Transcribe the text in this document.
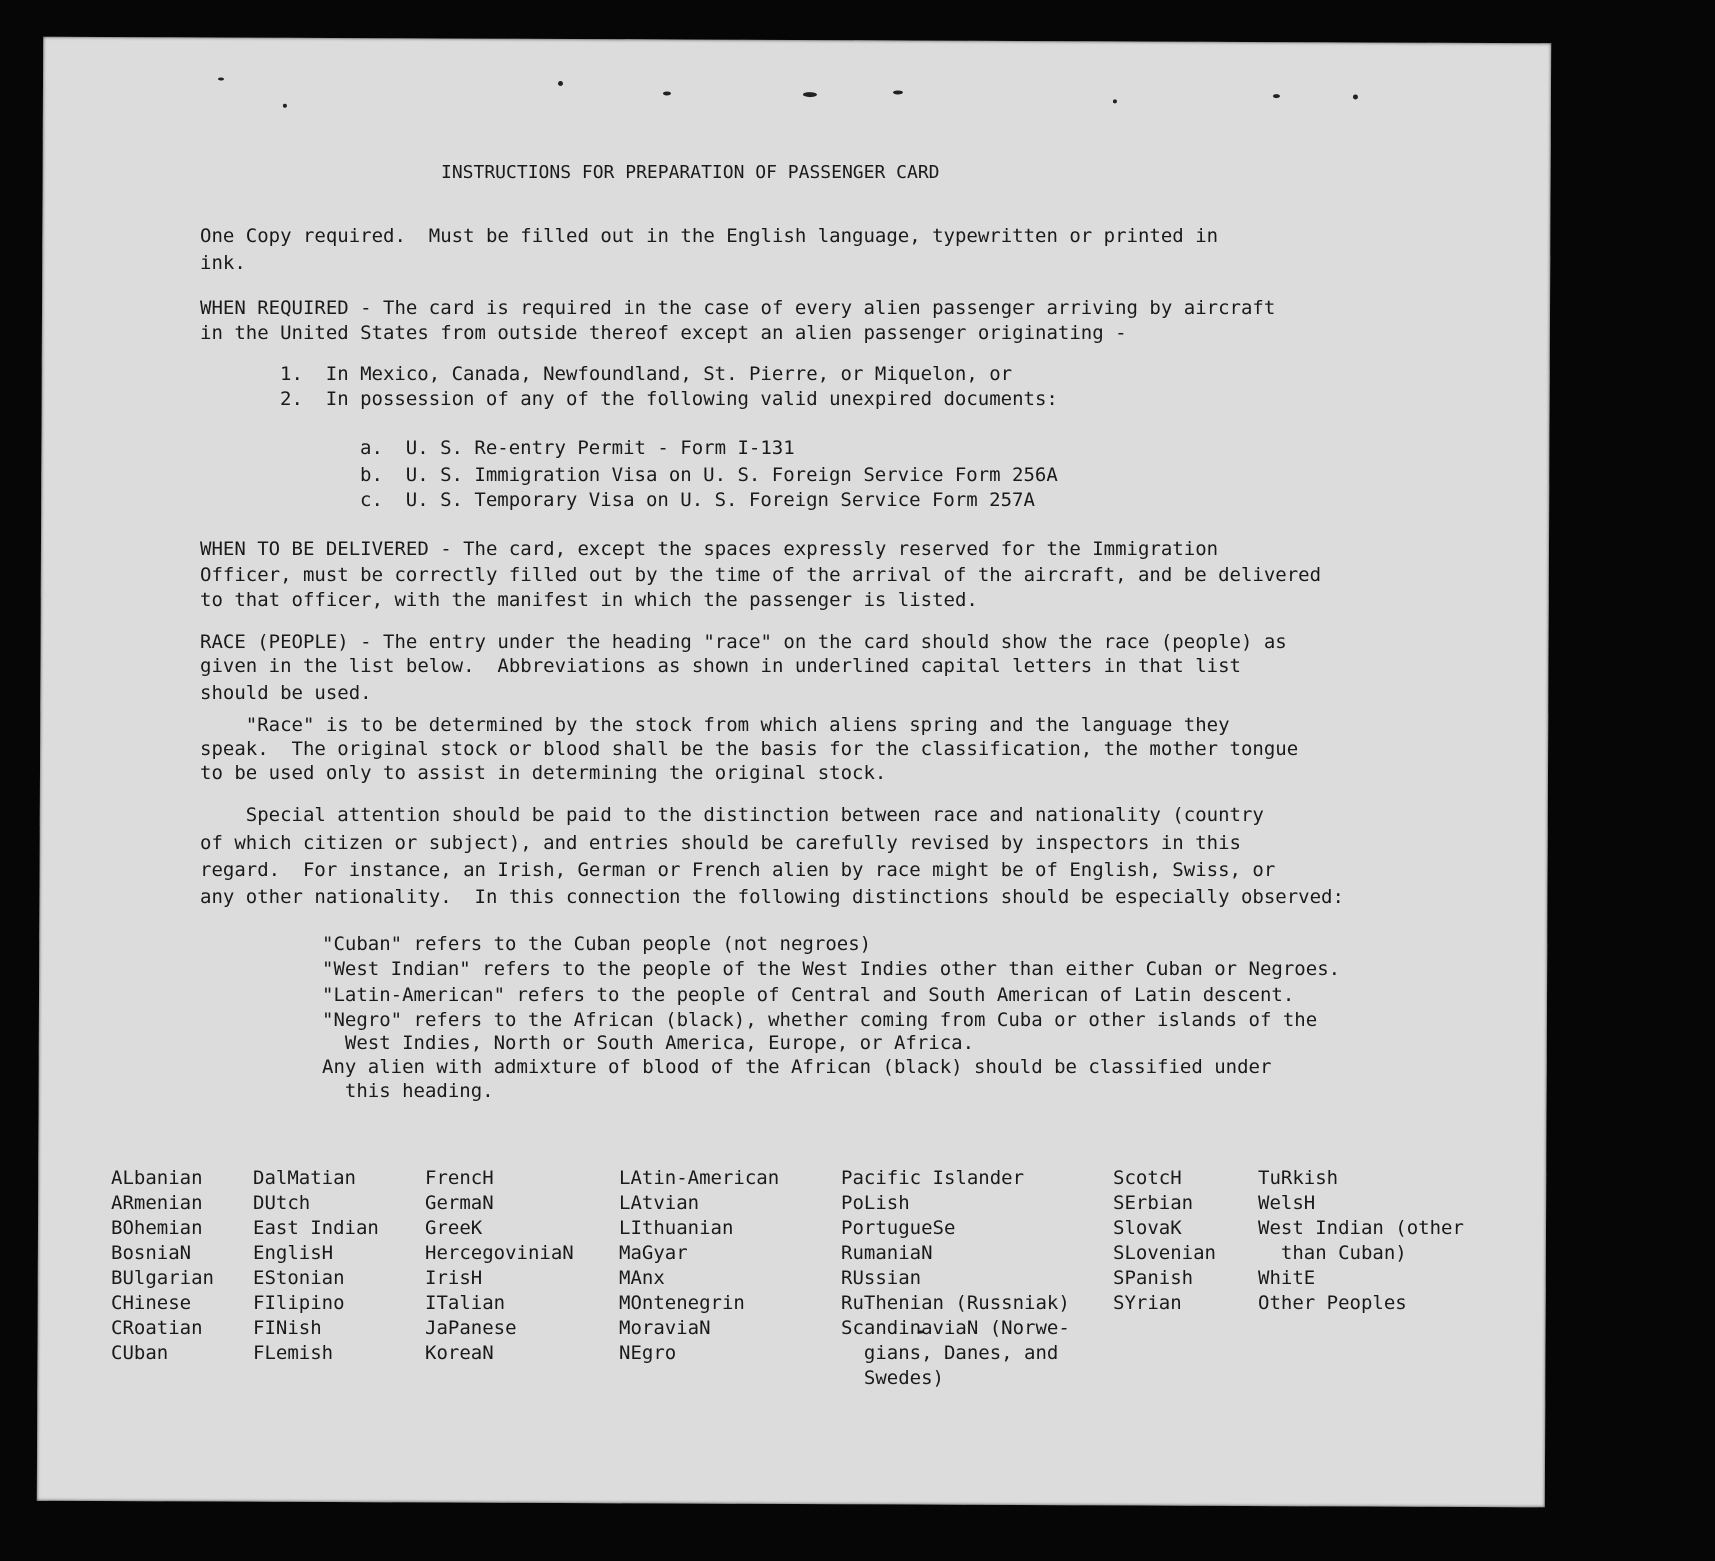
INSTRUCTIONS FOR PREPARATION OF PASSENGER CARD

One Copy required.  Must be filled out in the English language, typewritten or printed in

ink.

WHEN REQUIRED - The card is required in the case of every alien passenger arriving by aircraft

in the United States from outside thereof except an alien passenger originating -

1.  In Mexico, Canada, Newfoundland, St. Pierre, or Miquelon, or

2.  In possession of any of the following valid unexpired documents:

a.  U. S. Re-entry Permit - Form I-131

b.  U. S. Immigration Visa on U. S. Foreign Service Form 256A

c.  U. S. Temporary Visa on U. S. Foreign Service Form 257A

WHEN TO BE DELIVERED - The card, except the spaces expressly reserved for the Immigration

Officer, must be correctly filled out by the time of the arrival of the aircraft, and be delivered

to that officer, with the manifest in which the passenger is listed.

RACE (PEOPLE) - The entry under the heading "race" on the card should show the race (people) as

given in the list below.  Abbreviations as shown in underlined capital letters in that list

should be used.

"Race" is to be determined by the stock from which aliens spring and the language they

speak.  The original stock or blood shall be the basis for the classification, the mother tongue

to be used only to assist in determining the original stock.

Special attention should be paid to the distinction between race and nationality (country

of which citizen or subject), and entries should be carefully revised by inspectors in this

regard.  For instance, an Irish, German or French alien by race might be of English, Swiss, or

any other nationality.  In this connection the following distinctions should be especially observed:

"Cuban" refers to the Cuban people (not negroes)

"West Indian" refers to the people of the West Indies other than either Cuban or Negroes.

"Latin-American" refers to the people of Central and South American of Latin descent.

"Negro" refers to the African (black), whether coming from Cuba or other islands of the

West Indies, North or South America, Europe, or Africa.

Any alien with admixture of blood of the African (black) should be classified under

this heading.

ALbanian
ARmenian
BOhemian
BosniaN
BUlgarian
CHinese
CRoatian
CUban
DalMatian
DUtch
East Indian
EnglisH
EStonian
FIlipino
FINish
FLemish
FrencH
GermaN
GreeK
HercegoviniaN
IrisH
ITalian
JaPanese
KoreaN
LAtin-American
LAtvian
LIthuanian
MaGyar
MAnx
MOntenegrin
MoraviaN
NEgro
Pacific Islander
PoLish
PortugueSe
RumaniaN
RUssian
RuThenian (Russniak)
ScandinaviaN (Norwe-
gians, Danes, and
Swedes)
ScotcH
SErbian
SlovaK
SLovenian
SPanish
SYrian
TuRkish
WelsH
West Indian (other
than Cuban)
WhitE
Other Peoples
